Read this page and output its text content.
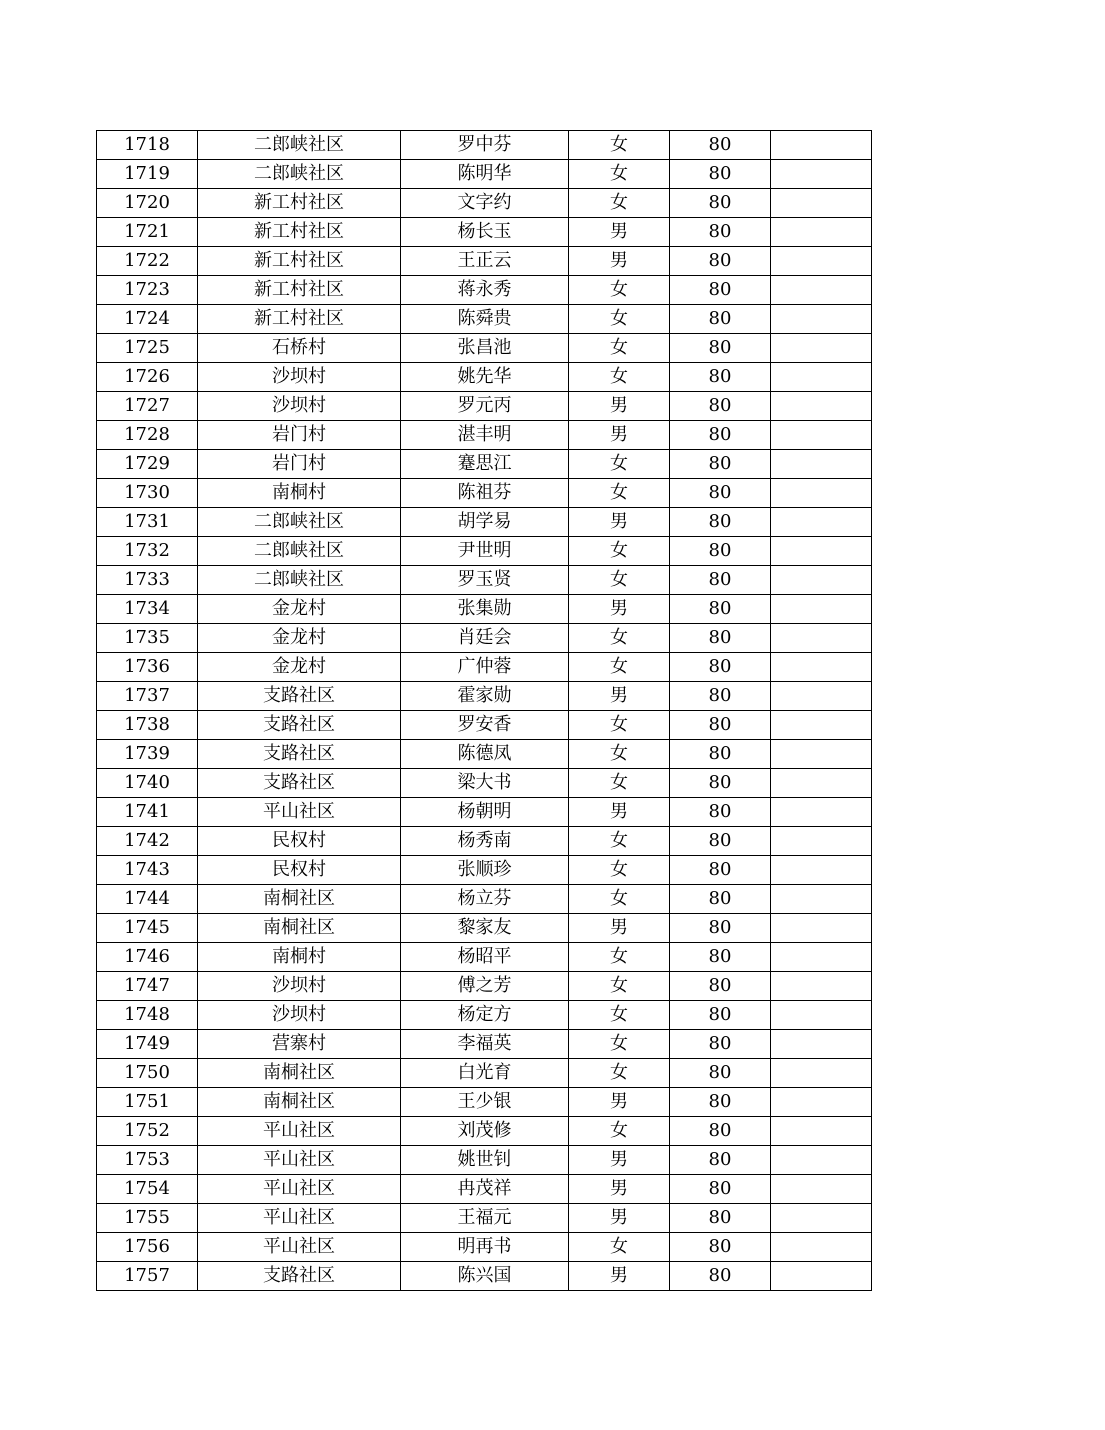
1718	二郎峡社区	罗中芬	女	80	
1719	二郎峡社区	陈明华	女	80	
1720	新工村社区	文字约	女	80	
1721	新工村社区	杨长玉	男	80	
1722	新工村社区	王正云	男	80	
1723	新工村社区	蒋永秀	女	80	
1724	新工村社区	陈舜贵	女	80	
1725	石桥村	张昌池	女	80	
1726	沙坝村	姚先华	女	80	
1727	沙坝村	罗元丙	男	80	
1728	岩门村	湛丰明	男	80	
1729	岩门村	蹇思江	女	80	
1730	南桐村	陈祖芬	女	80	
1731	二郎峡社区	胡学易	男	80	
1732	二郎峡社区	尹世明	女	80	
1733	二郎峡社区	罗玉贤	女	80	
1734	金龙村	张集勋	男	80	
1735	金龙村	肖廷会	女	80	
1736	金龙村	广仲蓉	女	80	
1737	支路社区	霍家勋	男	80	
1738	支路社区	罗安香	女	80	
1739	支路社区	陈德凤	女	80	
1740	支路社区	梁大书	女	80	
1741	平山社区	杨朝明	男	80	
1742	民权村	杨秀南	女	80	
1743	民权村	张顺珍	女	80	
1744	南桐社区	杨立芬	女	80	
1745	南桐社区	黎家友	男	80	
1746	南桐村	杨昭平	女	80	
1747	沙坝村	傅之芳	女	80	
1748	沙坝村	杨定方	女	80	
1749	营寨村	李福英	女	80	
1750	南桐社区	白光育	女	80	
1751	南桐社区	王少银	男	80	
1752	平山社区	刘茂修	女	80	
1753	平山社区	姚世钊	男	80	
1754	平山社区	冉茂祥	男	80	
1755	平山社区	王福元	男	80	
1756	平山社区	明再书	女	80	
1757	支路社区	陈兴国	男	80	
